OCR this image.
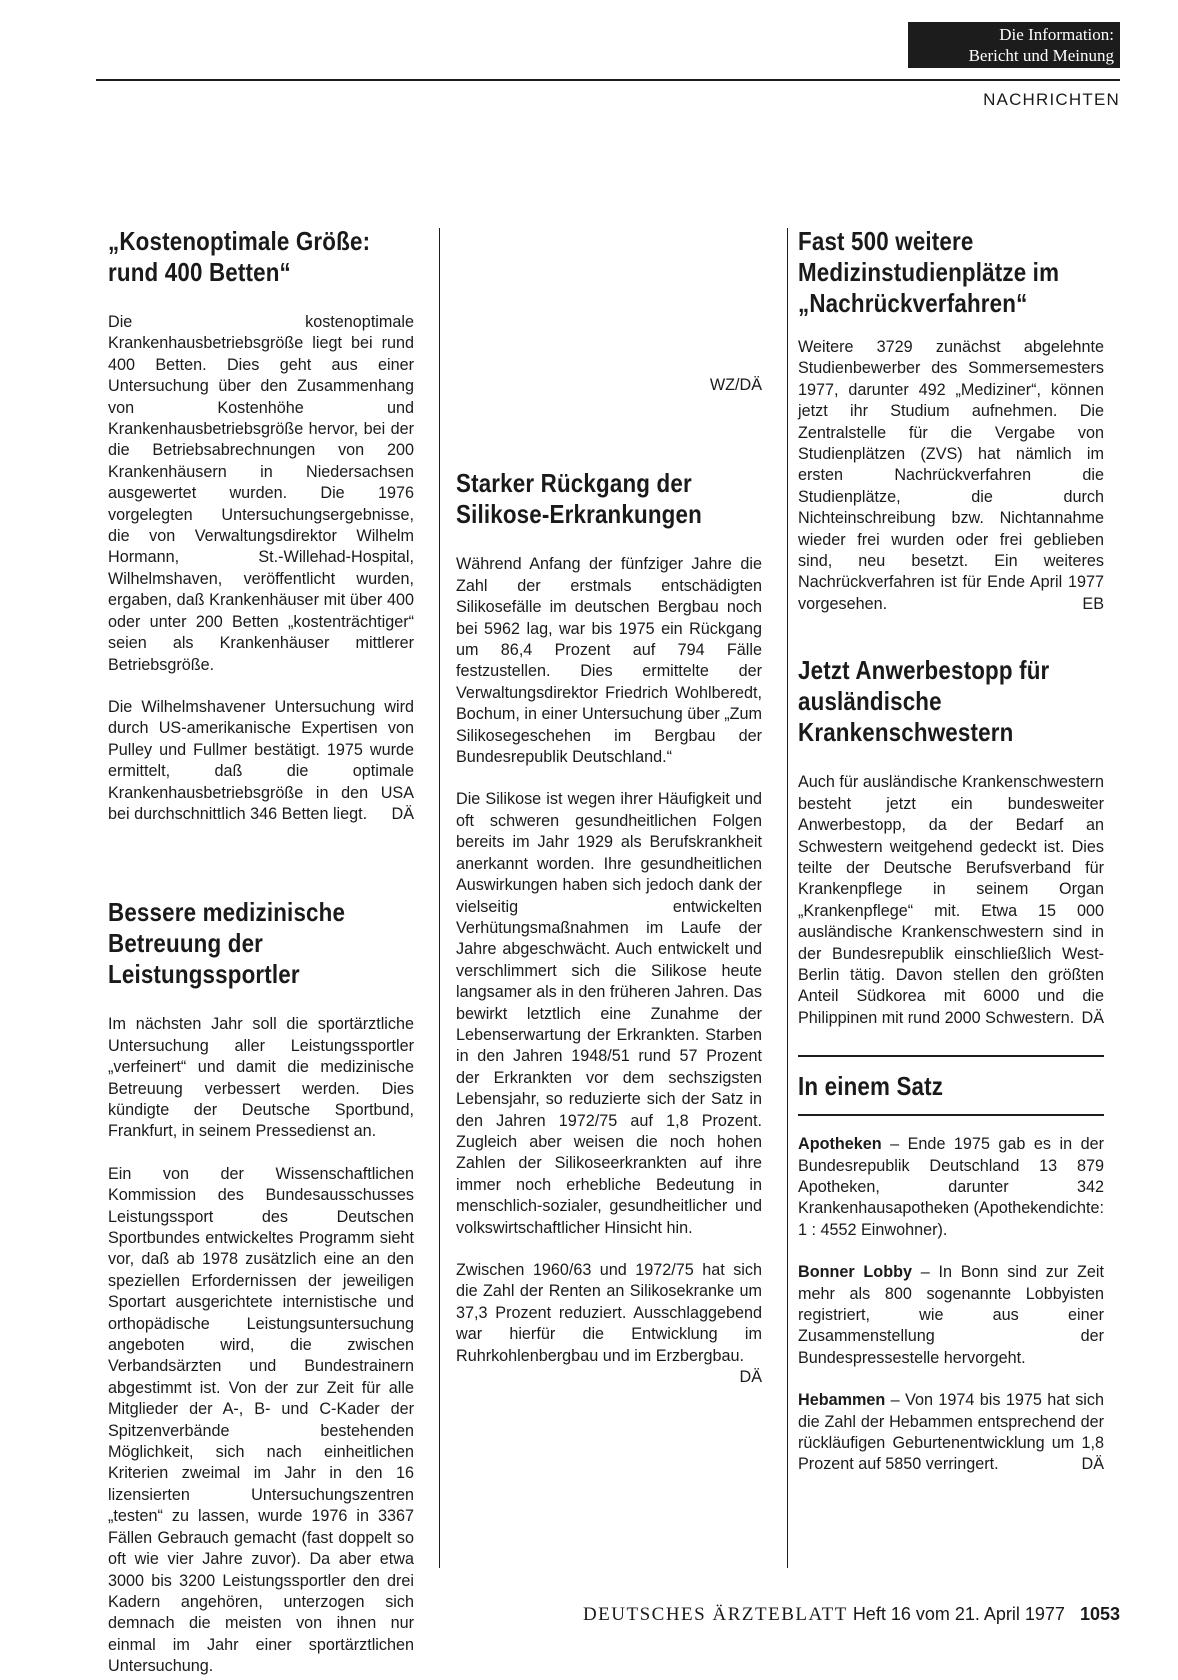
Die Information:
Bericht und Meinung
NACHRICHTEN
„Kostenoptimale Größe: rund 400 Betten“

Die kostenoptimale Krankenhausbetriebsgröße liegt bei rund 400 Betten. Dies geht aus einer Untersuchung über den Zusammenhang von Kostenhöhe und Krankenhausbetriebsgröße hervor, bei der die Betriebsabrechnungen von 200 Krankenhäusern in Niedersachsen ausgewertet wurden. Die 1976 vorgelegten Untersuchungsergebnisse, die von Verwaltungsdirektor Wilhelm Hormann, St.-Willehad-Hospital, Wilhelmshaven, veröffentlicht wurden, ergaben, daß Krankenhäuser mit über 400 oder unter 200 Betten „kostenträchtiger“ seien als Krankenhäuser mittlerer Betriebsgröße.

Die Wilhelmshavener Untersuchung wird durch US-amerikanische Expertisen von Pulley und Fullmer bestätigt. 1975 wurde ermittelt, daß die optimale Krankenhausbetriebsgröße in den USA bei durchschnittlich 346 Betten liegt. DÄ

Bessere medizinische Betreuung der Leistungssportler

Im nächsten Jahr soll die sportärztliche Untersuchung aller Leistungssportler „verfeinert“ und damit die medizinische Betreuung verbessert werden. Dies kündigte der Deutsche Sportbund, Frankfurt, in seinem Pressedienst an.

Ein von der Wissenschaftlichen Kommission des Bundesausschusses Leistungssport des Deutschen Sportbundes entwickeltes Programm sieht vor, daß ab 1978 zusätzlich eine an den speziellen Erfordernissen der jeweiligen Sportart ausgerichtete internistische und orthopädische Leistungsuntersuchung angeboten wird, die zwischen Verbandsärzten und Bundestrainern abgestimmt ist. Von der zur Zeit für alle Mitglieder der A-, B- und C-Kader der Spitzenverbände bestehenden Möglichkeit, sich nach einheitlichen Kriterien zweimal im Jahr in den 16 lizensierten Untersuchungszentren „testen“ zu lassen, wurde 1976 in 3367 Fällen Gebrauch gemacht (fast doppelt so oft wie vier Jahre zuvor). Da aber etwa 3000 bis 3200 Leistungssportler den drei Kadern angehören, unterzogen sich demnach die meisten von ihnen nur einmal im Jahr einer sportärztlichen Untersuchung.

WZ/DÄ
Starker Rückgang der Silikose-Erkrankungen

Während Anfang der fünfziger Jahre die Zahl der erstmals entschädigten Silikosefälle im deutschen Bergbau noch bei 5962 lag, war bis 1975 ein Rückgang um 86,4 Prozent auf 794 Fälle festzustellen. Dies ermittelte der Verwaltungsdirektor Friedrich Wohlberedt, Bochum, in einer Untersuchung über „Zum Silikosegeschehen im Bergbau der Bundesrepublik Deutschland.“

Die Silikose ist wegen ihrer Häufigkeit und oft schweren gesundheitlichen Folgen bereits im Jahr 1929 als Berufskrankheit anerkannt worden. Ihre gesundheitlichen Auswirkungen haben sich jedoch dank der vielseitig entwickelten Verhütungsmaßnahmen im Laufe der Jahre abgeschwächt. Auch entwickelt und verschlimmert sich die Silikose heute langsamer als in den früheren Jahren. Das bewirkt letztlich eine Zunahme der Lebenserwartung der Erkrankten. Starben in den Jahren 1948/51 rund 57 Prozent der Erkrankten vor dem sechszigsten Lebensjahr, so reduzierte sich der Satz in den Jahren 1972/75 auf 1,8 Prozent. Zugleich aber weisen die noch hohen Zahlen der Silikoseerkrankten auf ihre immer noch erhebliche Bedeutung in menschlich-sozialer, gesundheitlicher und volkswirtschaftlicher Hinsicht hin.

Zwischen 1960/63 und 1972/75 hat sich die Zahl der Renten an Silikosekranke um 37,3 Prozent reduziert. Ausschlaggebend war hierfür die Entwicklung im Ruhrkohlenbergbau und im Erzbergbau.
DÄ

Fast 500 weitere Medizinstudienplätze im „Nachrückverfahren“

Weitere 3729 zunächst abgelehnte Studienbewerber des Sommersemesters 1977, darunter 492 „Mediziner“, können jetzt ihr Studium aufnehmen. Die Zentralstelle für die Vergabe von Studienplätzen (ZVS) hat nämlich im ersten Nachrückverfahren die Studienplätze, die durch Nichteinschreibung bzw. Nichtannahme wieder frei wurden oder frei geblieben sind, neu besetzt. Ein weiteres Nachrückverfahren ist für Ende April 1977 vorgesehen.	EB

Jetzt Anwerbestopp für ausländische Krankenschwestern

Auch für ausländische Krankenschwestern besteht jetzt ein bundesweiter Anwerbestopp, da der Bedarf an Schwestern weitgehend gedeckt ist. Dies teilte der Deutsche Berufsverband für Krankenpflege in seinem Organ „Krankenpflege“ mit. Etwa 15 000 ausländische Krankenschwestern sind in der Bundesrepublik einschließlich West-Berlin tätig. Davon stellen den größten Anteil Südkorea mit 6000 und die Philippinen mit rund 2000 Schwestern. DÄ

In einem Satz

Apotheken – Ende 1975 gab es in der Bundesrepublik Deutschland 13 879 Apotheken, darunter 342 Krankenhausapotheken (Apothekendichte: 1 : 4552 Einwohner).

Bonner Lobby – In Bonn sind zur Zeit mehr als 800 sogenannte Lobbyisten registriert, wie aus einer Zusammenstellung der Bundespressestelle hervorgeht.

Hebammen – Von 1974 bis 1975 hat sich die Zahl der Hebammen entsprechend der rückläufigen Geburtenentwicklung um 1,8 Prozent auf 5850 verringert.	DÄ

DEUTSCHES ÄRZTEBLATT Heft 16 vom 21. April 1977 1053
